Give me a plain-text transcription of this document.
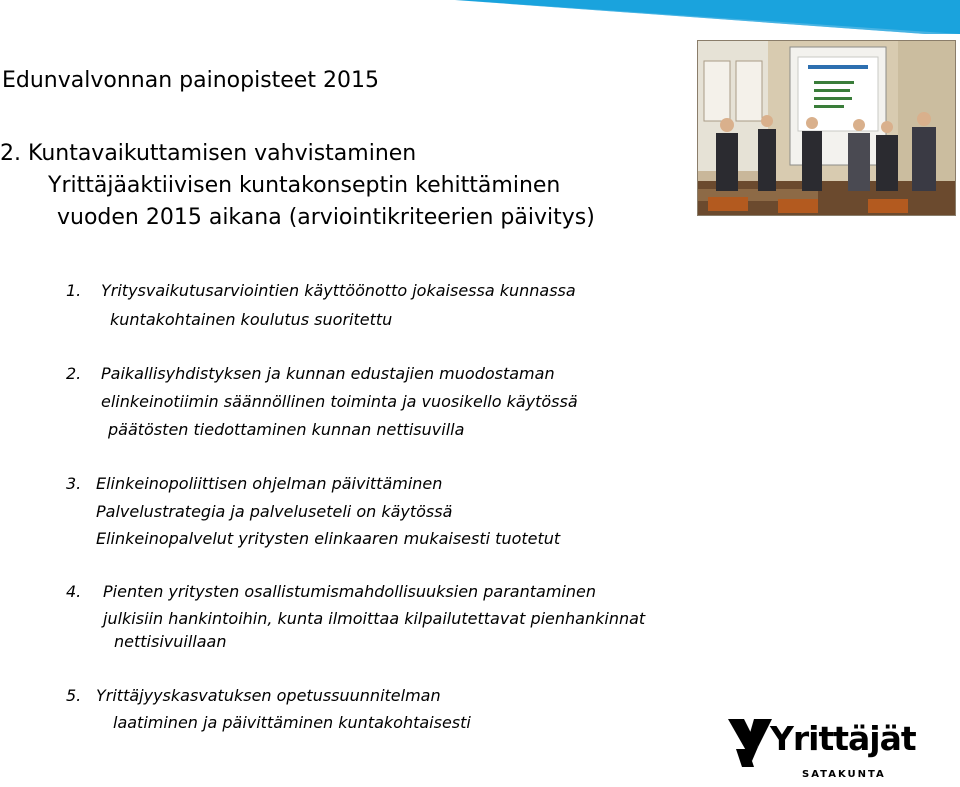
Edunvalvonnan painopisteet 2015
2. Kuntavaikuttamisen vahvistaminen
Yrittäjäaktiivisen kuntakonseptin kehittäminen
vuoden 2015 aikana (arviointikriteerien päivitys)
1. Yritysvaikutusarviointien käyttöönotto jokaisessa kunnassa
kuntakohtainen koulutus suoritettu
2. Paikallisyhdistyksen ja kunnan edustajien muodostaman
elinkeinotiimin säännöllinen toiminta ja vuosikello käytössä
päätösten tiedottaminen kunnan nettisuvilla
3. Elinkeinopoliittisen ohjelman päivittäminen
Palvelustrategia ja palveluseteli on käytössä
Elinkeinopalvelut yritysten elinkaaren mukaisesti tuotetut
4. Pienten yritysten osallistumismahdollisuuksien parantaminen
julkisiin hankintoihin, kunta ilmoittaa kilpailutettavat pienhankinnat
nettisivuillaan
5. Yrittäjyyskasvatuksen opetussuunnitelman
laatiminen ja päivittäminen kuntakohtaisesti	Yrittäjät
SATAKUNTA
